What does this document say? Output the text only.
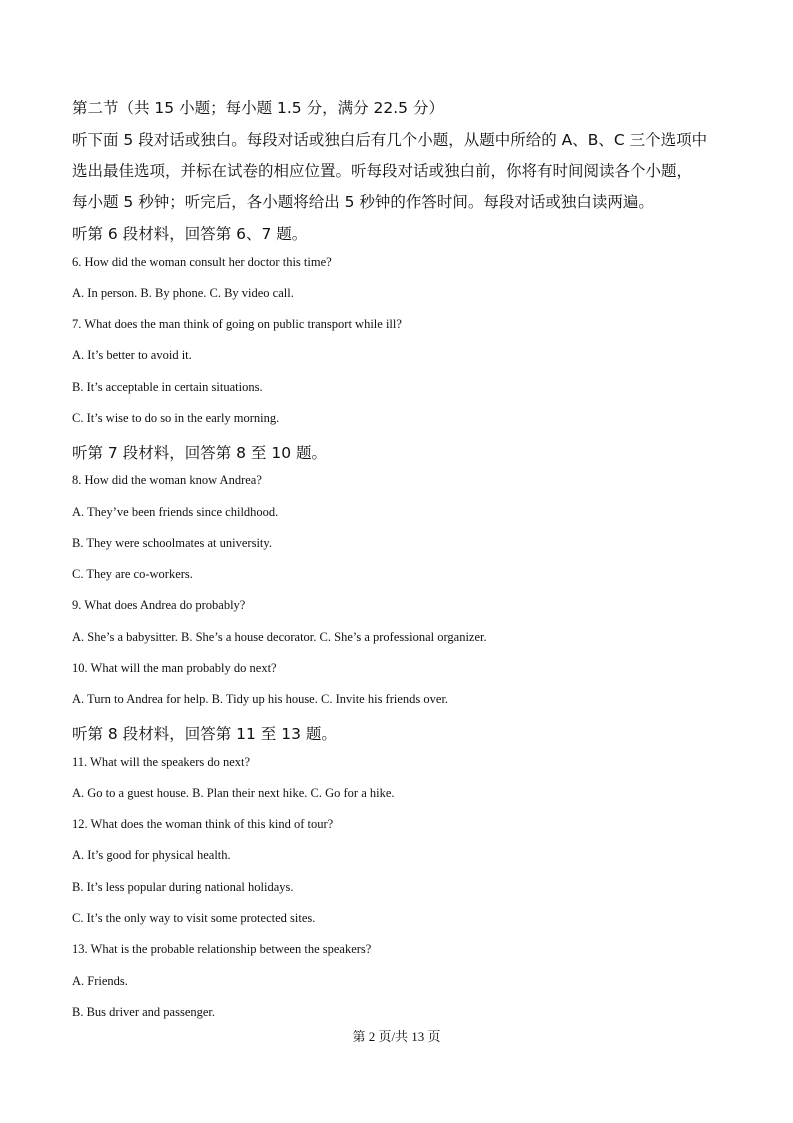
第二节（共 15 小题；每小题 1.5 分，满分 22.5 分）
听下面 5 段对话或独白。每段对话或独白后有几个小题，从题中所给的 A、B、C 三个选项中
选出最佳选项，并标在试卷的相应位置。听每段对话或独白前，你将有时间阅读各个小题，
每小题 5 秒钟；听完后，各小题将给出 5 秒钟的作答时间。每段对话或独白读两遍。
听第 6 段材料，回答第 6、7 题。
6. How did the woman consult her doctor this time?
A. In person. B. By phone. C. By video call.
7. What does the man think of going on public transport while ill?
A. It’s better to avoid it.
B. It’s acceptable in certain situations.
C. It’s wise to do so in the early morning.
听第 7 段材料，回答第 8 至 10 题。
8. How did the woman know Andrea?
A. They’ve been friends since childhood.
B. They were schoolmates at university.
C. They are co-workers.
9. What does Andrea do probably?
A. She’s a babysitter. B. She’s a house decorator. C. She’s a professional organizer.
10. What will the man probably do next?
A. Turn to Andrea for help. B. Tidy up his house. C. Invite his friends over.
听第 8 段材料，回答第 11 至 13 题。
11. What will the speakers do next?
A. Go to a guest house. B. Plan their next hike. C. Go for a hike.
12. What does the woman think of this kind of tour?
A. It’s good for physical health.
B. It’s less popular during national holidays.
C. It’s the only way to visit some protected sites.
13. What is the probable relationship between the speakers?
A. Friends.
B. Bus driver and passenger.
第 2 页/共 13 页
